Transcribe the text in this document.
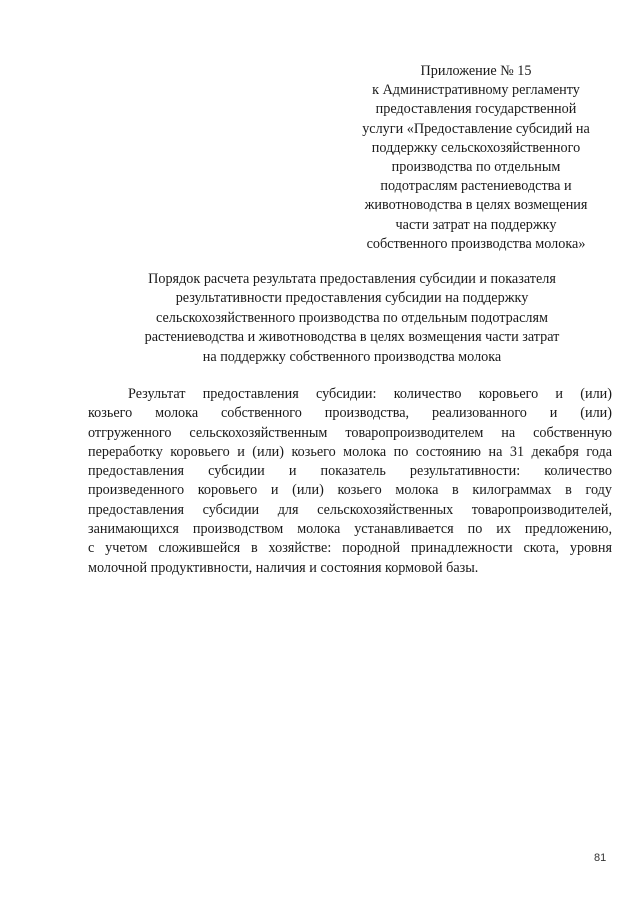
Приложение № 15
к Административному регламенту
предоставления государственной
услуги «Предоставление субсидий на
поддержку сельскохозяйственного
производства по отдельным
подотраслям растениеводства и
животноводства в целях возмещения
части затрат на поддержку
собственного производства молока»
Порядок расчета результата предоставления субсидии и показателя
результативности предоставления субсидии на поддержку
сельскохозяйственного производства по отдельным подотраслям
растениеводства и животноводства в целях возмещения части затрат
на поддержку собственного производства молока
Результат предоставления субсидии: количество коровьего и (или)
козьего молока собственного производства, реализованного и (или)
отгруженного сельскохозяйственным товаропроизводителем на собственную
переработку коровьего и (или) козьего молока по состоянию на 31 декабря года
предоставления субсидии и показатель результативности: количество
произведенного коровьего и (или) козьего молока в килограммах в году
предоставления субсидии для сельскохозяйственных товаропроизводителей,
занимающихся производством молока устанавливается по их предложению,
с учетом сложившейся в хозяйстве: породной принадлежности скота, уровня
молочной продуктивности, наличия и состояния кормовой базы.
81
